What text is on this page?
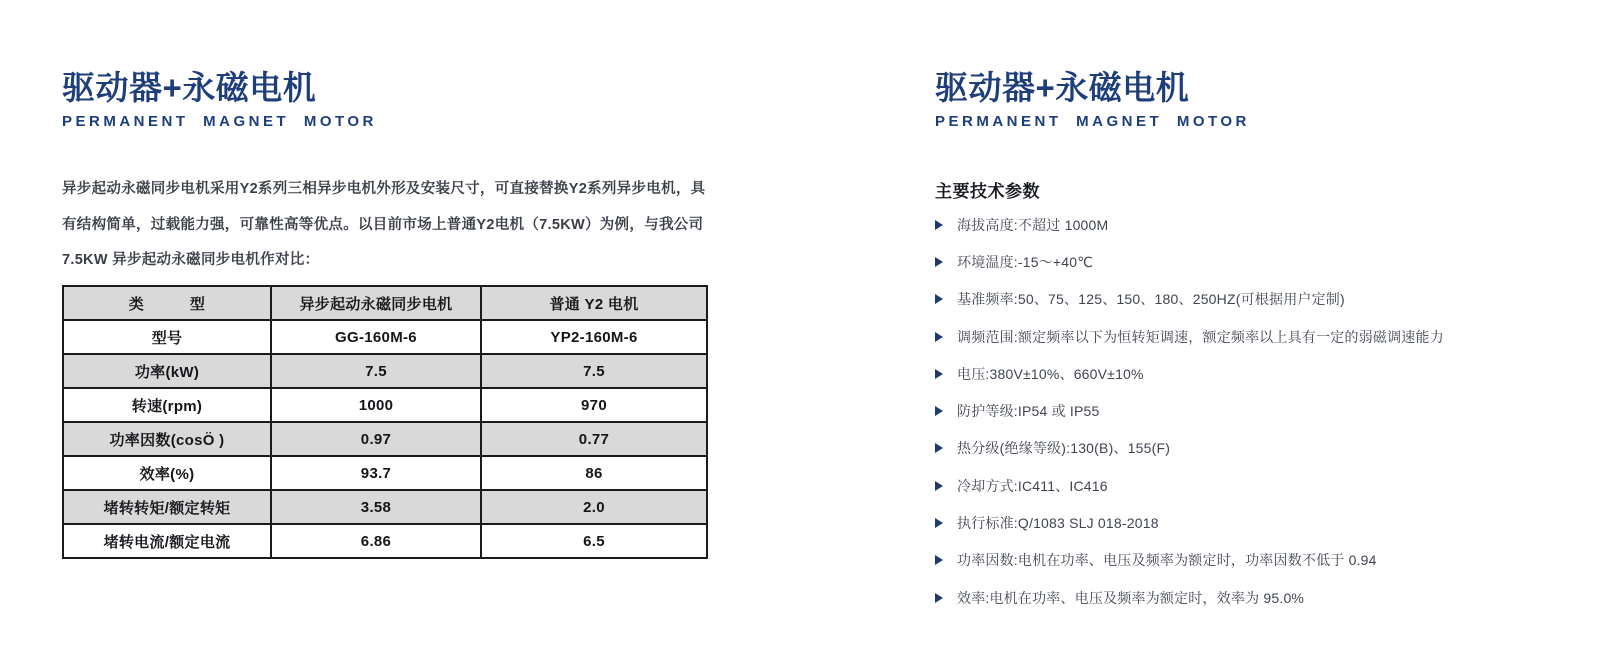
驱动器+永磁电机
PERMANENT MAGNET MOTOR
异步起动永磁同步电机采用Y2系列三相异步电机外形及安装尺寸，可直接替换Y2系列异步电机，具
有结构简单，过载能力强，可靠性高等优点。以目前市场上普通Y2电机（7.5KW）为例，与我公司
7.5KW 异步起动永磁同步电机作对比：
类　　　型	异步起动永磁同步电机	普通 Y2 电机
型号	GG-160M-6	YP2-160M-6
功率(kW)	7.5	7.5
转速(rpm)	1000	970
功率因数(cosÖ )	0.97	0.77
效率(%)	93.7	86
堵转转矩/额定转矩	3.58	2.0
堵转电流/额定电流	6.86	6.5
驱动器+永磁电机
PERMANENT MAGNET MOTOR
主要技术参数
海拔高度:不超过 1000M
环境温度:-15～+40℃
基准频率:50、75、125、150、180、250HZ(可根据用户定制)
调频范围:额定频率以下为恒转矩调速，额定频率以上具有一定的弱磁调速能力
电压:380V±10%、660V±10%
防护等级:IP54 或 IP55
热分级(绝缘等级):130(B)、155(F)
冷却方式:IC411、IC416
执行标准:Q/1083 SLJ 018-2018
功率因数:电机在功率、电压及频率为额定时，功率因数不低于 0.94
效率:电机在功率、电压及频率为额定时，效率为 95.0%
